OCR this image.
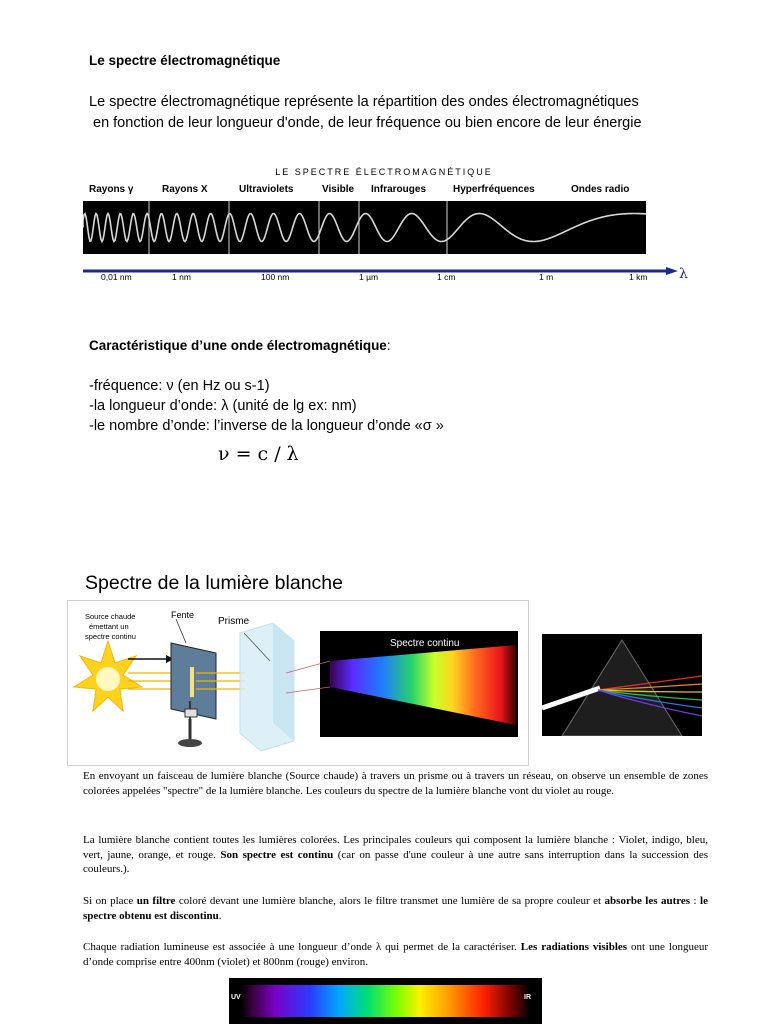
Le spectre électromagnétique
Le spectre électromagnétique représente la répartition des ondes électromagnétiques
en fonction de leur longueur d'onde, de leur fréquence ou bien encore de leur énergie
LE SPECTRE ÉLECTROMAGNÉTIQUE
Rayons γ	Rayons X	Ultraviolets	Visible Infrarouges	Hyperfréquences	Ondes radio
λ
0,01 nm	1 nm	100 nm	1 µm	1 cm	1 m	1 km
Caractéristique d’une onde électromagnétique:
-fréquence: ν (en Hz ou s-1)
-la longueur d’onde: λ (unité de lg ex: nm)
-le nombre d’onde: l’inverse de la longueur d’onde «σ »
ν = c / λ
Spectre de la lumière blanche
Source chaude
émettant un
spectre continu
Fente
Prisme
Spectre continu
En envoyant un faisceau de lumière blanche (Source chaude) à travers un prisme ou à travers un réseau, on observe un ensemble de zones colorées appelées "spectre" de la lumière blanche. Les couleurs du spectre de la lumière blanche vont du violet au rouge.
La lumière blanche contient toutes les lumières colorées. Les principales couleurs qui composent la lumière blanche : Violet, indigo, bleu, vert, jaune, orange, et rouge. Son spectre est continu (car on passe d'une couleur à une autre sans interruption dans la succession des couleurs.).
Si on place un filtre coloré devant une lumière blanche, alors le filtre transmet une lumière de sa propre couleur et absorbe les autres : le spectre obtenu est discontinu.
Chaque radiation lumineuse est associée à une longueur d’onde λ qui permet de la caractériser. Les radiations visibles ont une longueur d’onde comprise entre 400nm (violet) et 800nm (rouge) environ.
UV	IR
